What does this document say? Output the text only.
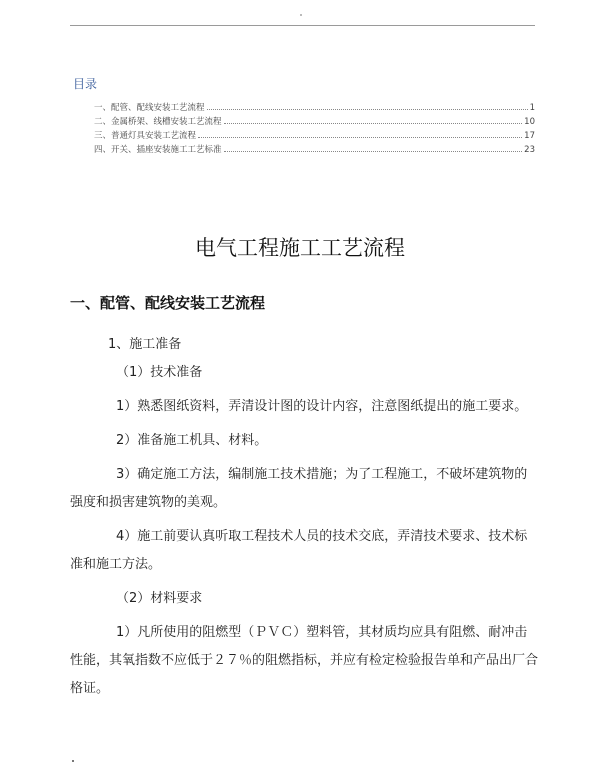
目录
一、配管、配线安装工艺流程	1
二、金属桥架、线槽安装工艺流程	10
三、普通灯具安装工艺流程	17
四、开关、插座安装施工工艺标准	23
电气工程施工工艺流程
一、配管、配线安装工艺流程
1、施工准备
（1）技术准备
1）熟悉图纸资料，弄清设计图的设计内容，注意图纸提出的施工要求。
2）准备施工机具、材料。
3）确定施工方法，编制施工技术措施；为了工程施工，不破坏建筑物的强度和损害建筑物的美观。
4）施工前要认真听取工程技术人员的技术交底，弄清技术要求、技术标准和施工方法。
（2）材料要求
1）凡所使用的阻燃型（ＰＶＣ）塑料管，其材质均应具有阻燃、耐冲击性能，其氧指数不应低于２７％的阻燃指标，并应有检定检验报告单和产品出厂合格证。
